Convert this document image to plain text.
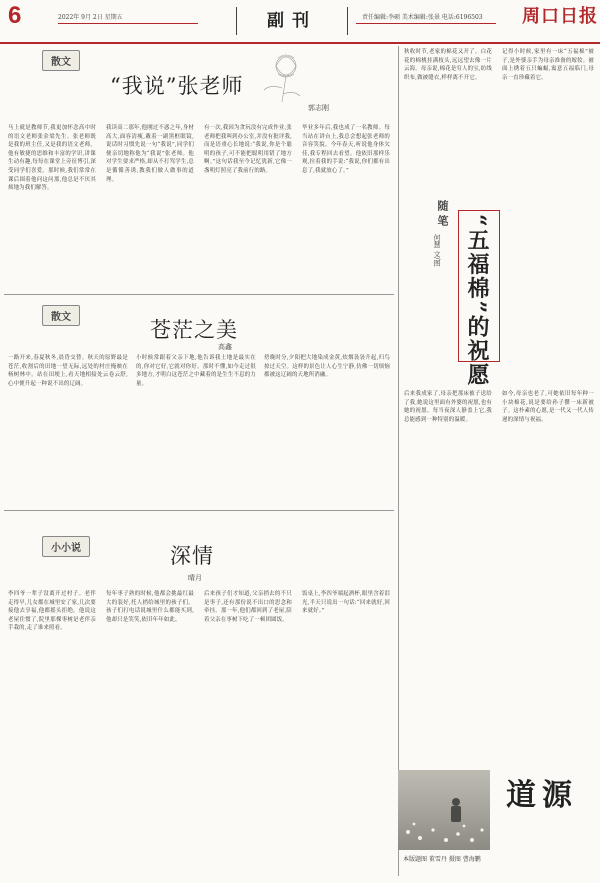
6	2022年 9月 2日 星期五	副刊	责任编辑:李硕 美术编辑:张景 电话:6196503 周口日报
散文
“我说”张老师
郭志刚
马上就是教师节,我更加怀念高中时的语文老师张金梁先生。张老师既是我的班主任,又是我的语文老师。他有敏捷的思维和丰富的学识,讲课生动有趣,每每在课堂上旁征博引,深受同学们喜爱。那时候,我们常常在课后围着他问这问那,他总是不厌其烦地为我们解答。
我读高二那年,他刚过不惑之年,身材高大,面容清瘦,戴着一副黑框眼镜,说话时习惯先说一句“我说”,同学们便亲切地称他为“我说”张老师。他对学生要求严格,却从不打骂学生,总是循循善诱,教我们做人做事的道理。
有一次,我因为贪玩没有完成作业,张老师把我叫到办公室,并没有批评我,而是语重心长地说:“我说,你是个聪明的孩子,可不能把聪明用错了地方啊。”这句话我至今记忆犹新,它像一盏明灯照亮了我前行的路。
毕业多年后,我也成了一名教师。每当站在讲台上,我总会想起张老师的音容笑貌。今年春天,听说他身体欠佳,我专程回去看望。他依旧那样乐观,拉着我的手说:“我说,你们都有出息了,我就放心了。”
散文
苍茫之美
高鑫
一路开来,春夏秋冬,晨昏交替。秋天的原野最是苍茫,收割后的田地一望无际,远处的村庄掩映在杨树林中。站在田埂上,看天地相接处云卷云舒,心中便升起一种说不出的辽阔。
小时候常跟着父亲下地,他告诉我土地是最实在的,你对它好,它就对你好。那时不懂,如今走过很多地方,才明白这苍茫之中藏着的是生生不息的力量。
傍晚时分,夕阳把大地染成金黄,炊烟袅袅升起,归鸟掠过天空。这样的景色让人心生宁静,仿佛一切烦恼都被这辽阔的天地所消融。
小小说	深情
晴月
李四爷一辈子没离开过村子。老伴走得早,儿女都在城里安了家,几次要接他去享福,他都摇头拒绝。他说这老屋住惯了,院里那棵枣树是老伴亲手栽的,走了谁来照看。
每年枣子熟的时候,他都会挑最红最大的装好,托人捎给城里的孩子们。孩子们打电话说城里什么都能买到,他却只是笑笑,依旧年年如此。
后来孩子们才知道,父亲捎去的不只是枣子,还有那份说不出口的思念和牵挂。那一年,他们都回到了老屋,陪着父亲在枣树下吃了一顿团圆饭。
饭桌上,李四爷端起酒杯,眼里含着泪光,半天只说出一句话:“回来就好,回来就好。”
秋收时节,老家的棉花又开了。白花花的棉桃挂满枝头,远远望去像一片云海。母亲说,棉花是穷人的宝,纺线织布,做被缝衣,样样离不开它。
记得小时候,家里有一床“五福棉”被子,是外婆亲手为母亲准备的嫁妆。被面上绣着五只蝙蝠,寓意五福临门,母亲一直珍藏着它。
随笔 “五福棉”的祝愿
何慧 文/图
后来我成家了,母亲把那床被子送给了我,她说这里面有外婆的祝愿,也有她的祝愿。每当夜深人静盖上它,我总能感到一种特别的温暖。
如今,母亲也老了,可她依旧每年种一小块棉花,说是要给孙子攒一床新被子。这朴素的心愿,是一代又一代人传递的深情与祝福。
本版题图 董雪丹 摄图 曹海鹏
道源
